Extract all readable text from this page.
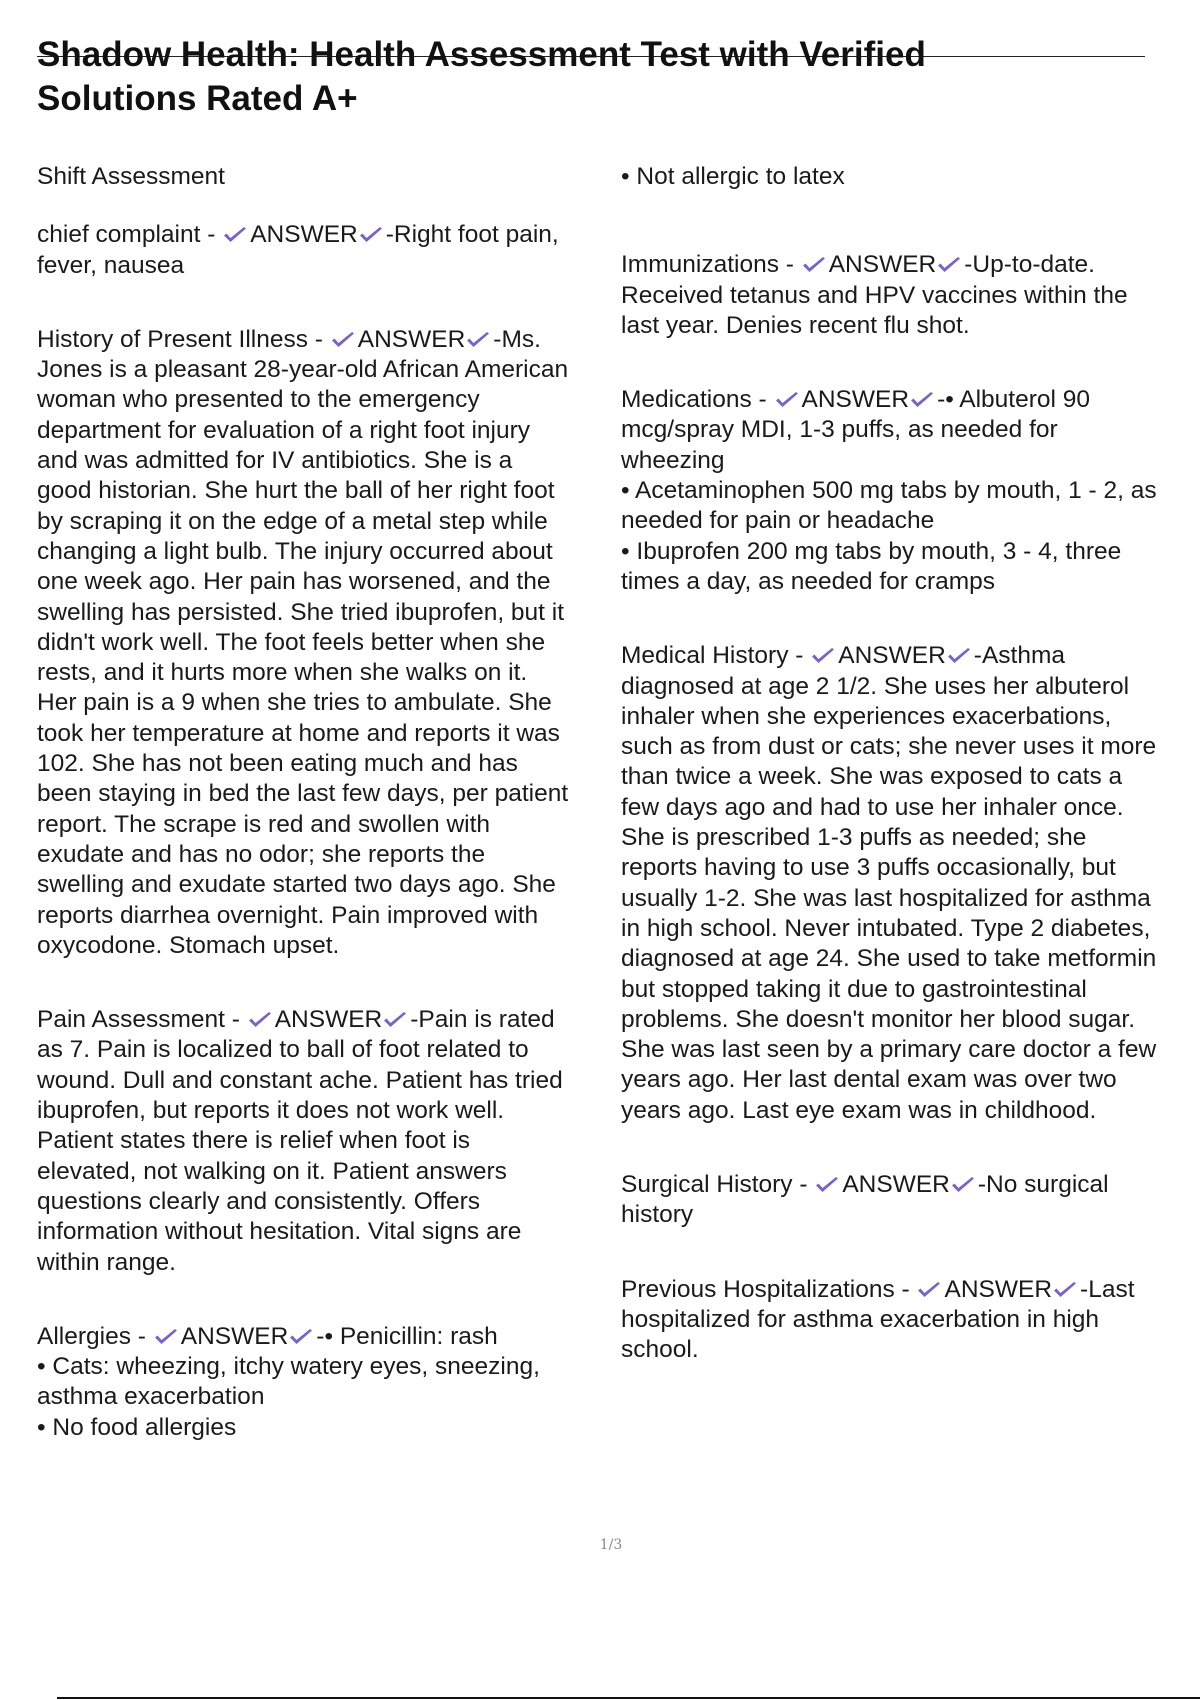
Shadow Health: Health Assessment Test with Verified
Solutions Rated A+

Shift Assessment

chief complaint -
ANSWER -Right foot pain,
fever, nausea
History of Present Illness -
ANSWER -Ms.
Jones is a pleasant 28-year-old African American
woman who presented to the emergency
department for evaluation of a right foot injury
and was admitted for IV antibiotics. She is a
good historian. She hurt the ball of her right foot
by scraping it on the edge of a metal step while
changing a light bulb. The injury occurred about
one week ago. Her pain has worsened, and the
swelling has persisted. She tried ibuprofen, but it
didn't work well. The foot feels better when she
rests, and it hurts more when she walks on it.
Her pain is a 9 when she tries to ambulate. She
took her temperature at home and reports it was
102. She has not been eating much and has
been staying in bed the last few days, per patient
report. The scrape is red and swollen with
exudate and has no odor; she reports the
swelling and exudate started two days ago. She
reports diarrhea overnight. Pain improved with
oxycodone. Stomach upset.
Pain Assessment -
ANSWER -Pain is rated
as 7. Pain is localized to ball of foot related to
wound. Dull and constant ache. Patient has tried
ibuprofen, but reports it does not work well.
Patient states there is relief when foot is
elevated, not walking on it. Patient answers
questions clearly and consistently. Offers
information without hesitation. Vital signs are
within range.
Allergies -
ANSWER -• Penicillin: rash
• Cats: wheezing, itchy watery eyes, sneezing,
asthma exacerbation
• No food allergies

• Not allergic to latex

Immunizations -
ANSWER -Up-to-date.
Received tetanus and HPV vaccines within the
last year. Denies recent flu shot.
Medications -
ANSWER -• Albuterol 90
mcg/spray MDI, 1-3 puffs, as needed for
wheezing
• Acetaminophen 500 mg tabs by mouth, 1 - 2, as
needed for pain or headache
• Ibuprofen 200 mg tabs by mouth, 3 - 4, three
times a day, as needed for cramps
Medical History -
ANSWER -Asthma
diagnosed at age 2 1/2. She uses her albuterol
inhaler when she experiences exacerbations,
such as from dust or cats; she never uses it more
than twice a week. She was exposed to cats a
few days ago and had to use her inhaler once.
She is prescribed 1-3 puffs as needed; she
reports having to use 3 puffs occasionally, but
usually 1-2. She was last hospitalized for asthma
in high school. Never intubated. Type 2 diabetes,
diagnosed at age 24. She used to take metformin
but stopped taking it due to gastrointestinal
problems. She doesn't monitor her blood sugar.
She was last seen by a primary care doctor a few
years ago. Her last dental exam was over two
years ago. Last eye exam was in childhood.
Surgical History -
ANSWER -No surgical
history
Previous Hospitalizations -
ANSWER -Last
hospitalized for asthma exacerbation in high
school.
1/3
